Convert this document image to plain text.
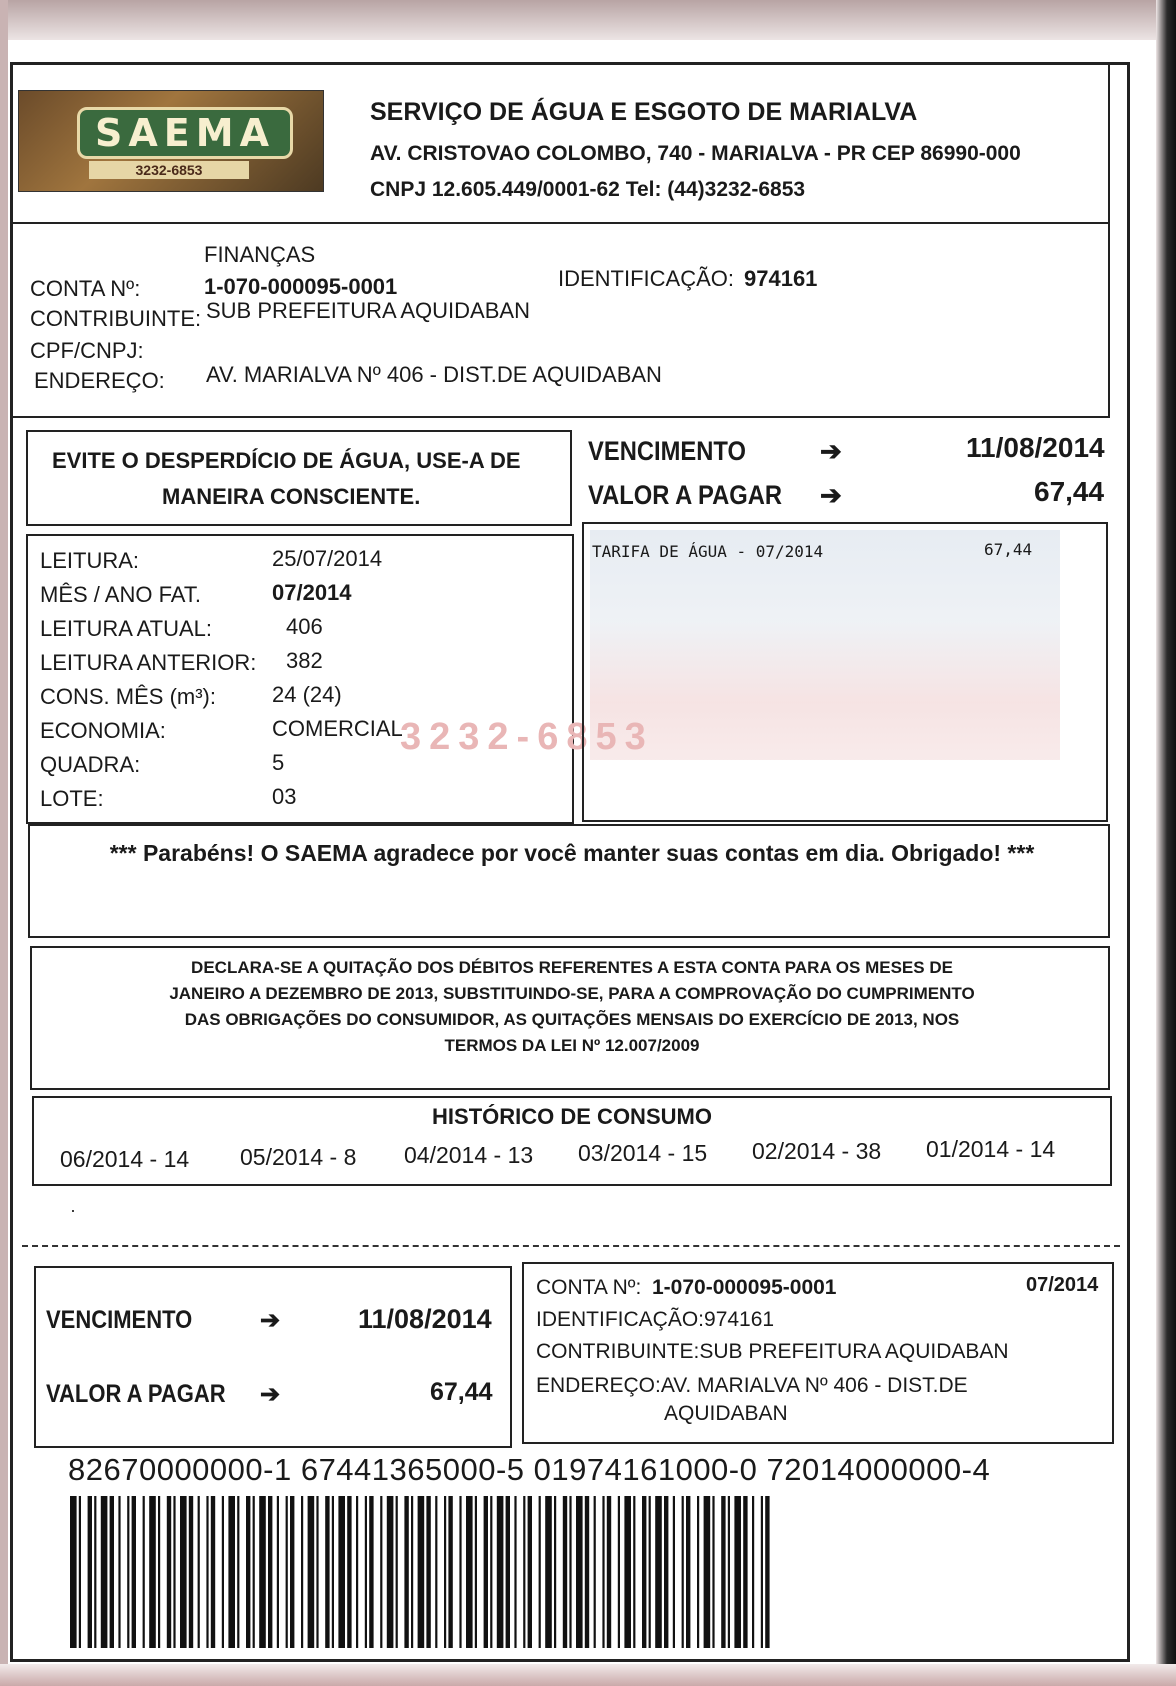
SAEMA
3232-6853
SERVIÇO DE ÁGUA E ESGOTO DE MARIALVA
AV. CRISTOVAO COLOMBO, 740 - MARIALVA - PR CEP 86990-000
CNPJ 12.605.449/0001-62 Tel: (44)3232-6853
FINANÇAS
CONTA Nº:	1-070-000095-0001	IDENTIFICAÇÃO: 974161
CONTRIBUINTE: SUB PREFEITURA AQUIDABAN
CPF/CNPJ:
ENDEREÇO: AV. MARIALVA Nº 406 - DIST.DE AQUIDABAN
EVITE O DESPERDÍCIO DE ÁGUA, USE-A DE
MANEIRA CONSCIENTE.
VENCIMENTO	➔	11/08/2014
VALOR A PAGAR ➔	67,44
LEITURA:	25/07/2014
MÊS / ANO FAT.	07/2014
LEITURA ATUAL:	406
LEITURA ANTERIOR: 382
CONS. MÊS (m³):	24 (24)
ECONOMIA:	COMERCIAL
QUADRA:	5
LOTE:	03
3232-6853
TARIFA DE ÁGUA - 07/2014	67,44
*** Parabéns! O SAEMA agradece por você manter suas contas em dia. Obrigado! ***
DECLARA-SE A QUITAÇÃO DOS DÉBITOS REFERENTES A ESTA CONTA PARA OS MESES DE
JANEIRO A DEZEMBRO DE 2013, SUBSTITUINDO-SE, PARA A COMPROVAÇÃO DO CUMPRIMENTO
DAS OBRIGAÇÕES DO CONSUMIDOR, AS QUITAÇÕES MENSAIS DO EXERCÍCIO DE 2013, NOS
TERMOS DA LEI Nº 12.007/2009
HISTÓRICO DE CONSUMO
06/2014 - 14 05/2014 - 8 04/2014 - 13 03/2014 - 15 02/2014 - 38 01/2014 - 14
·
VENCIMENTO	➔	11/08/2014
VALOR A PAGAR ➔	67,44
CONTA Nº: 1-070-000095-0001	07/2014
IDENTIFICAÇÃO:974161
CONTRIBUINTE:SUB PREFEITURA AQUIDABAN
ENDEREÇO:AV. MARIALVA Nº 406 - DIST.DE
AQUIDABAN
82670000000-1 67441365000-5 01974161000-0 72014000000-4
